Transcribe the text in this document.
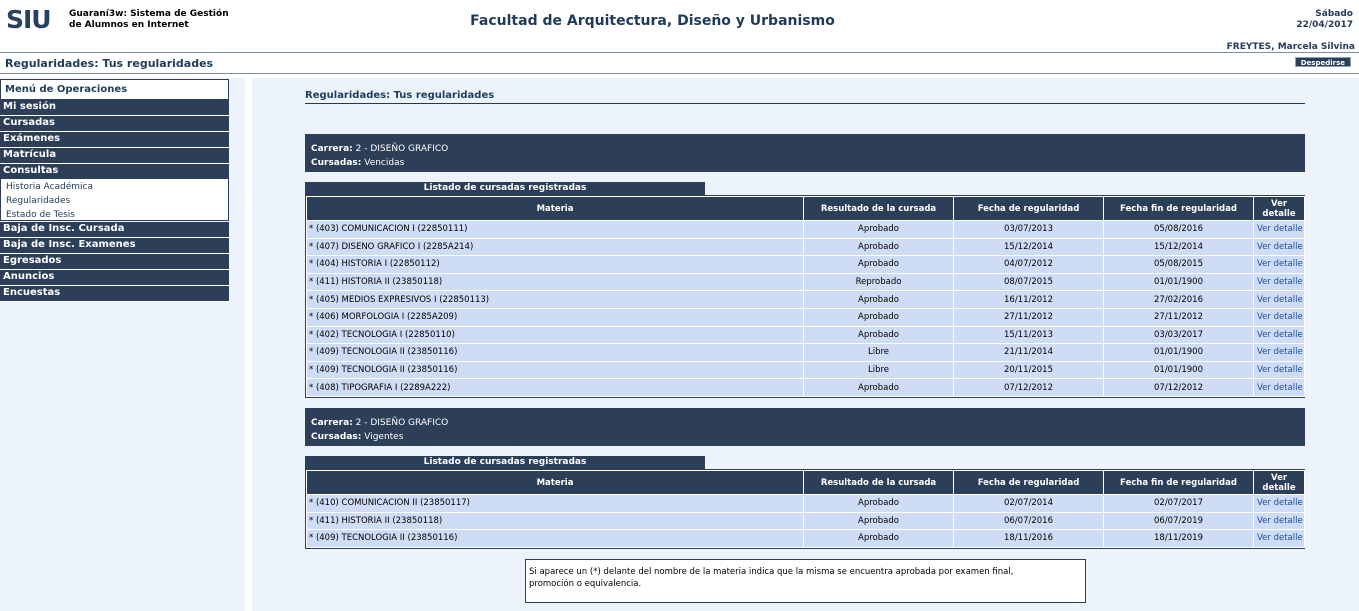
SIU Guaraní3w: Sistema de Gestión
de Alumnos en Internet	Facultad de Arquitectura, Diseño y Urbanismo	Sábado
22/04/2017
FREYTES, Marcela Silvina
Regularidades: Tus regularidades	Despedirse
Menú de Operaciones
Mi sesión
Cursadas
Exámenes
Matrícula
Consultas
Historia Académica
Regularidades
Estado de Tesis
Baja de Insc. Cursada
Baja de Insc. Examenes
Egresados
Anuncios
Encuestas
Regularidades: Tus regularidades
Carrera: 2 - DISEÑO GRAFICO
Cursadas: Vencidas
Listado de cursadas registradas
Materia	Resultado de la cursada	Fecha de regularidad	Fecha fin de regularidad	Ver
detalle
* (403) COMUNICACION I (22850111)	Aprobado	03/07/2013	05/08/2016	Ver detalle
* (407) DISENO GRAFICO I (2285A214)	Aprobado	15/12/2014	15/12/2014	Ver detalle
* (404) HISTORIA I (22850112)	Aprobado	04/07/2012	05/08/2015	Ver detalle
* (411) HISTORIA II (23850118)	Reprobado	08/07/2015	01/01/1900	Ver detalle
* (405) MEDIOS EXPRESIVOS I (22850113)	Aprobado	16/11/2012	27/02/2016	Ver detalle
* (406) MORFOLOGIA I (2285A209)	Aprobado	27/11/2012	27/11/2012	Ver detalle
* (402) TECNOLOGIA I (22850110)	Aprobado	15/11/2013	03/03/2017	Ver detalle
* (409) TECNOLOGIA II (23850116)	Libre	21/11/2014	01/01/1900	Ver detalle
* (409) TECNOLOGIA II (23850116)	Libre	20/11/2015	01/01/1900	Ver detalle
* (408) TIPOGRAFIA I (2289A222)	Aprobado	07/12/2012	07/12/2012	Ver detalle
Carrera: 2 - DISEÑO GRAFICO
Cursadas: Vigentes
Listado de cursadas registradas
Materia	Resultado de la cursada	Fecha de regularidad	Fecha fin de regularidad	Ver
detalle
* (410) COMUNICACION II (23850117)	Aprobado	02/07/2014	02/07/2017	Ver detalle
* (411) HISTORIA II (23850118)	Aprobado	06/07/2016	06/07/2019	Ver detalle
* (409) TECNOLOGIA II (23850116)	Aprobado	18/11/2016	18/11/2019	Ver detalle
Si aparece un (*) delante del nombre de la materia indica que la misma se encuentra aprobada por examen final,
promoción o equivalencia.
